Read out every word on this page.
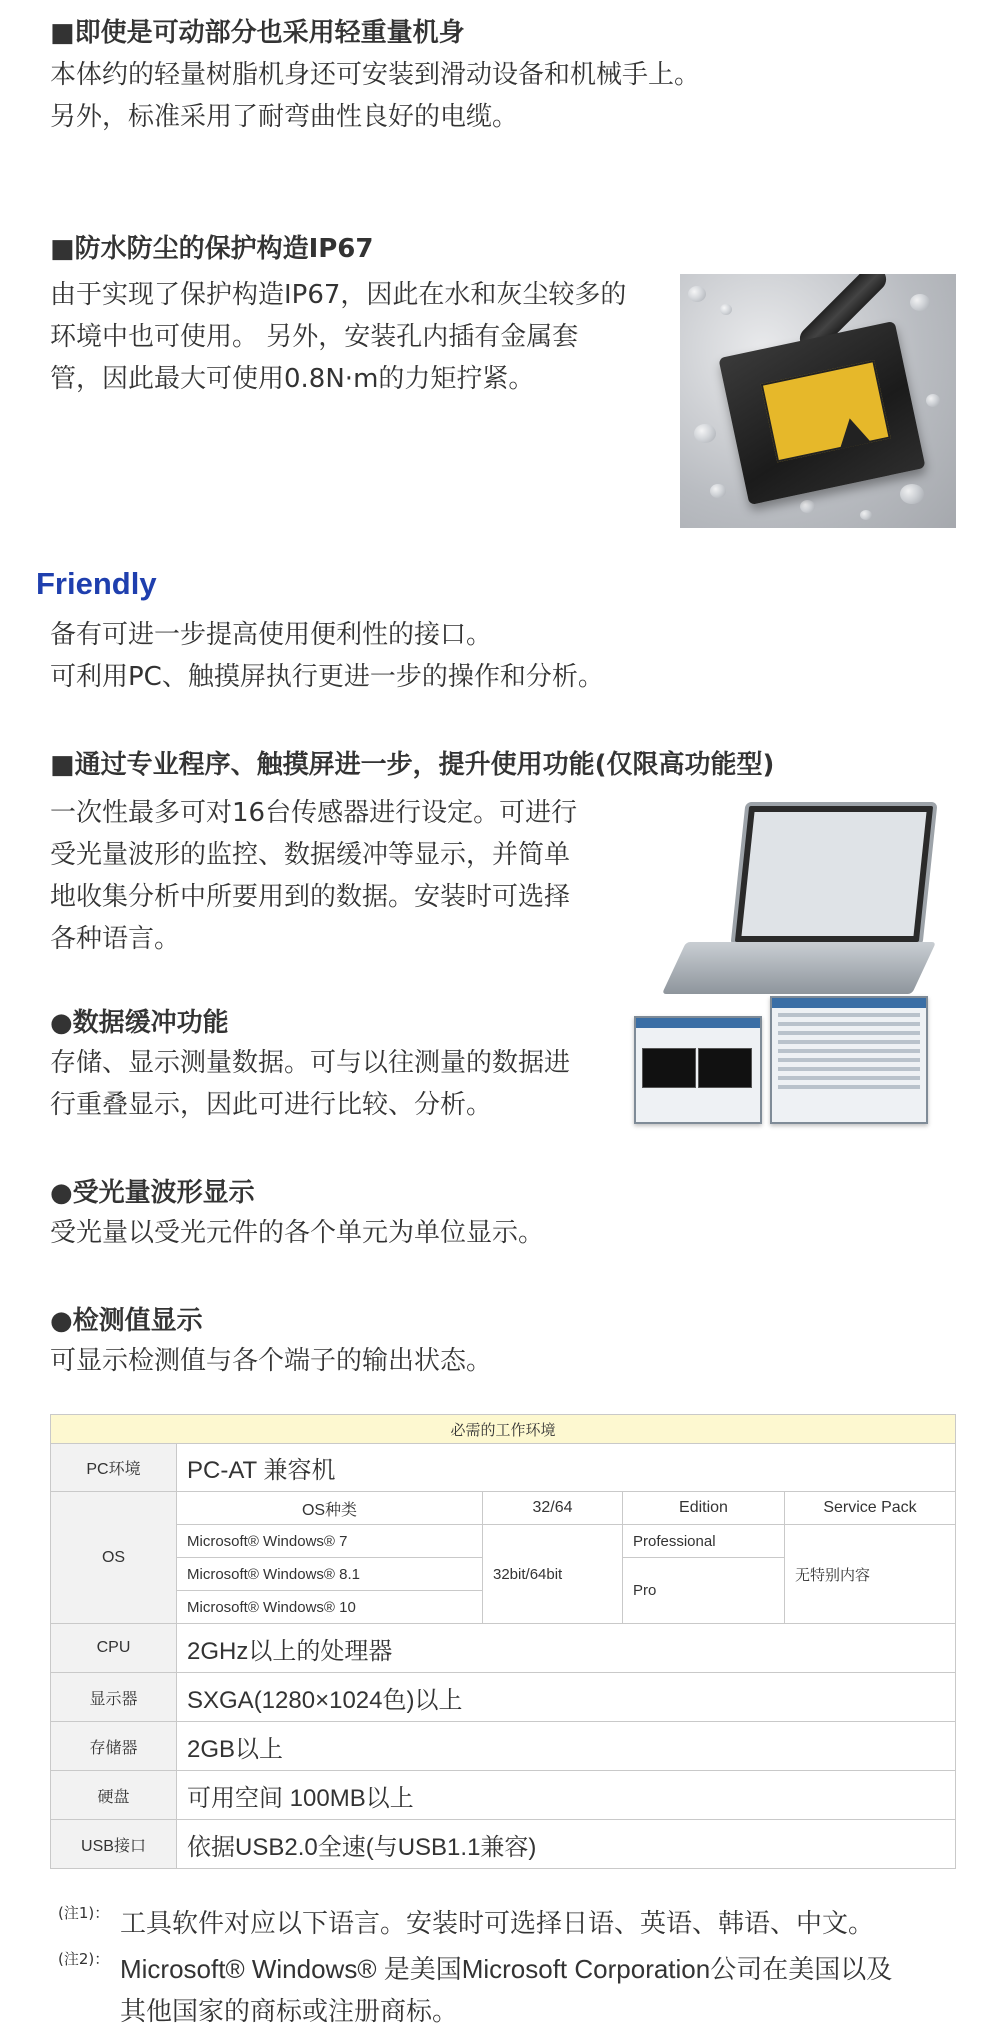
■即使是可动部分也采用轻重量机身
本体约的轻量树脂机身还可安装到滑动设备和机械手上。
另外，标准采用了耐弯曲性良好的电缆。
■防水防尘的保护构造IP67
由于实现了保护构造IP67，因此在水和灰尘较多的
环境中也可使用。 另外，安装孔内插有金属套
管，因此最大可使用0.8N·m的力矩拧紧。
Friendly
备有可进一步提高使用便利性的接口。
可利用PC、触摸屏执行更进一步的操作和分析。
■通过专业程序、触摸屏进一步，提升使用功能(仅限高功能型)
一次性最多可对16台传感器进行设定。可进行
受光量波形的监控、数据缓冲等显示，并简单
地收集分析中所要用到的数据。安装时可选择
各种语言。
●数据缓冲功能
存储、显示测量数据。可与以往测量的数据进
行重叠显示，因此可进行比较、分析。
●受光量波形显示
受光量以受光元件的各个单元为单位显示。
●检测值显示
可显示检测值与各个端子的输出状态。
必需的工作环境				
PC环境	PC-AT 兼容机			
OS	OS种类	32/64	Edition	Service Pack
	Microsoft® Windows® 7	32bit/64bit	Professional	无特别内容
	Microsoft® Windows® 8.1		Pro	
	Microsoft® Windows® 10			
CPU	2GHz以上的处理器			
显示器	SXGA(1280×1024色)以上			
存储器	2GB以上			
硬盘	可用空间 100MB以上			
USB接口	依据USB2.0全速(与USB1.1兼容)			
(注1)： 工具软件对应以下语言。安装时可选择日语、英语、韩语、中文。
(注2)： Microsoft® Windows® 是美国Microsoft Corporation公司在美国以及
其他国家的商标或注册商标。
